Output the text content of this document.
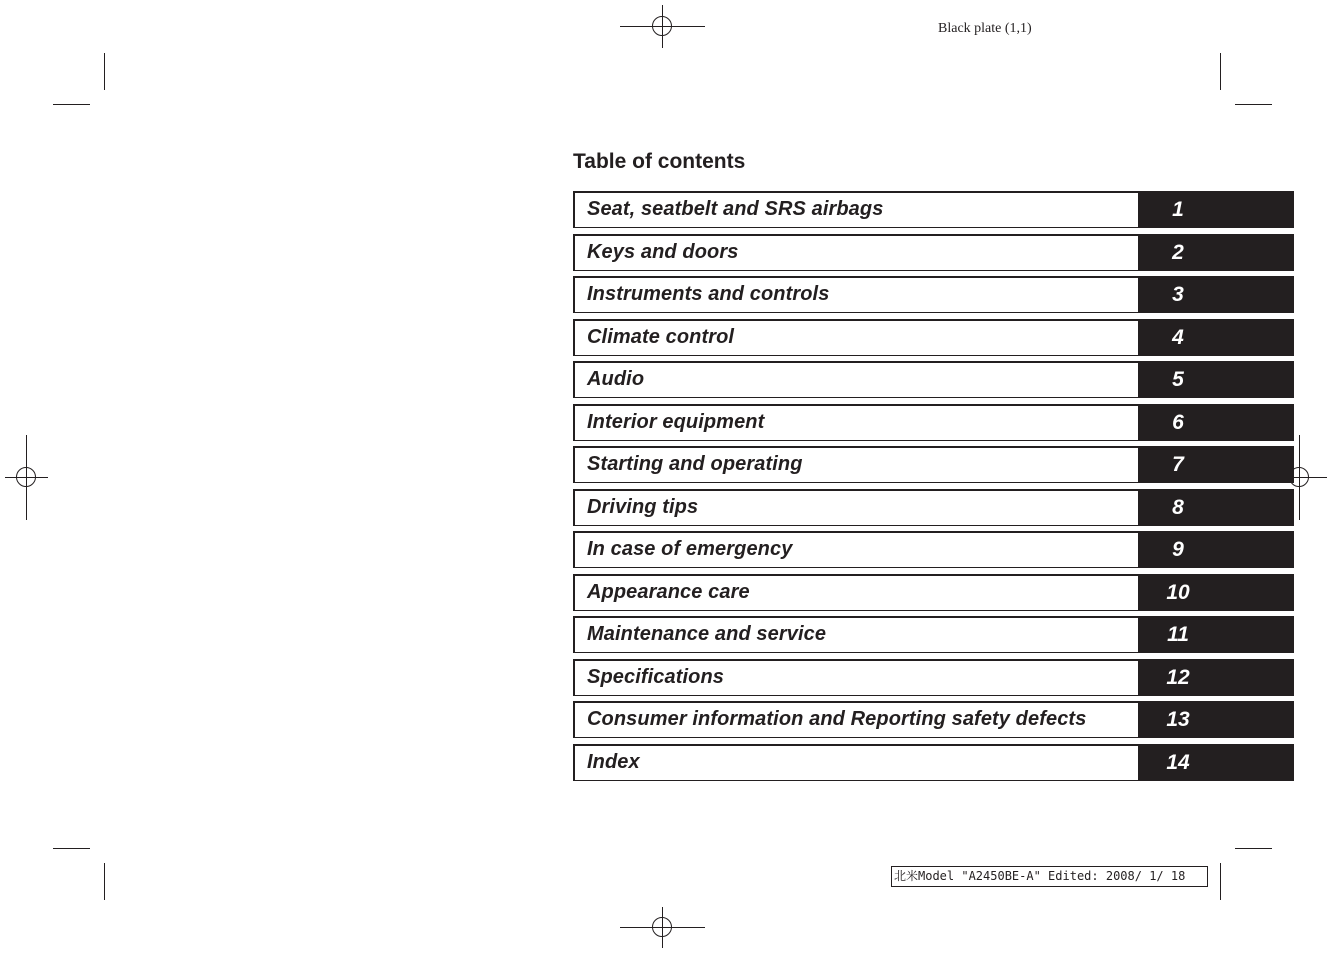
Black plate (1,1)
Table of contents
Seat, seatbelt and SRS airbags	1
Keys and doors	2
Instruments and controls	3
Climate control	4
Audio	5
Interior equipment	6
Starting and operating	7
Driving tips	8
In case of emergency	9
Appearance care	10
Maintenance and service	11
Specifications	12
Consumer information and Reporting safety defects	13
Index	14
北米Model "A2450BE-A" Edited: 2008/ 1/ 18
